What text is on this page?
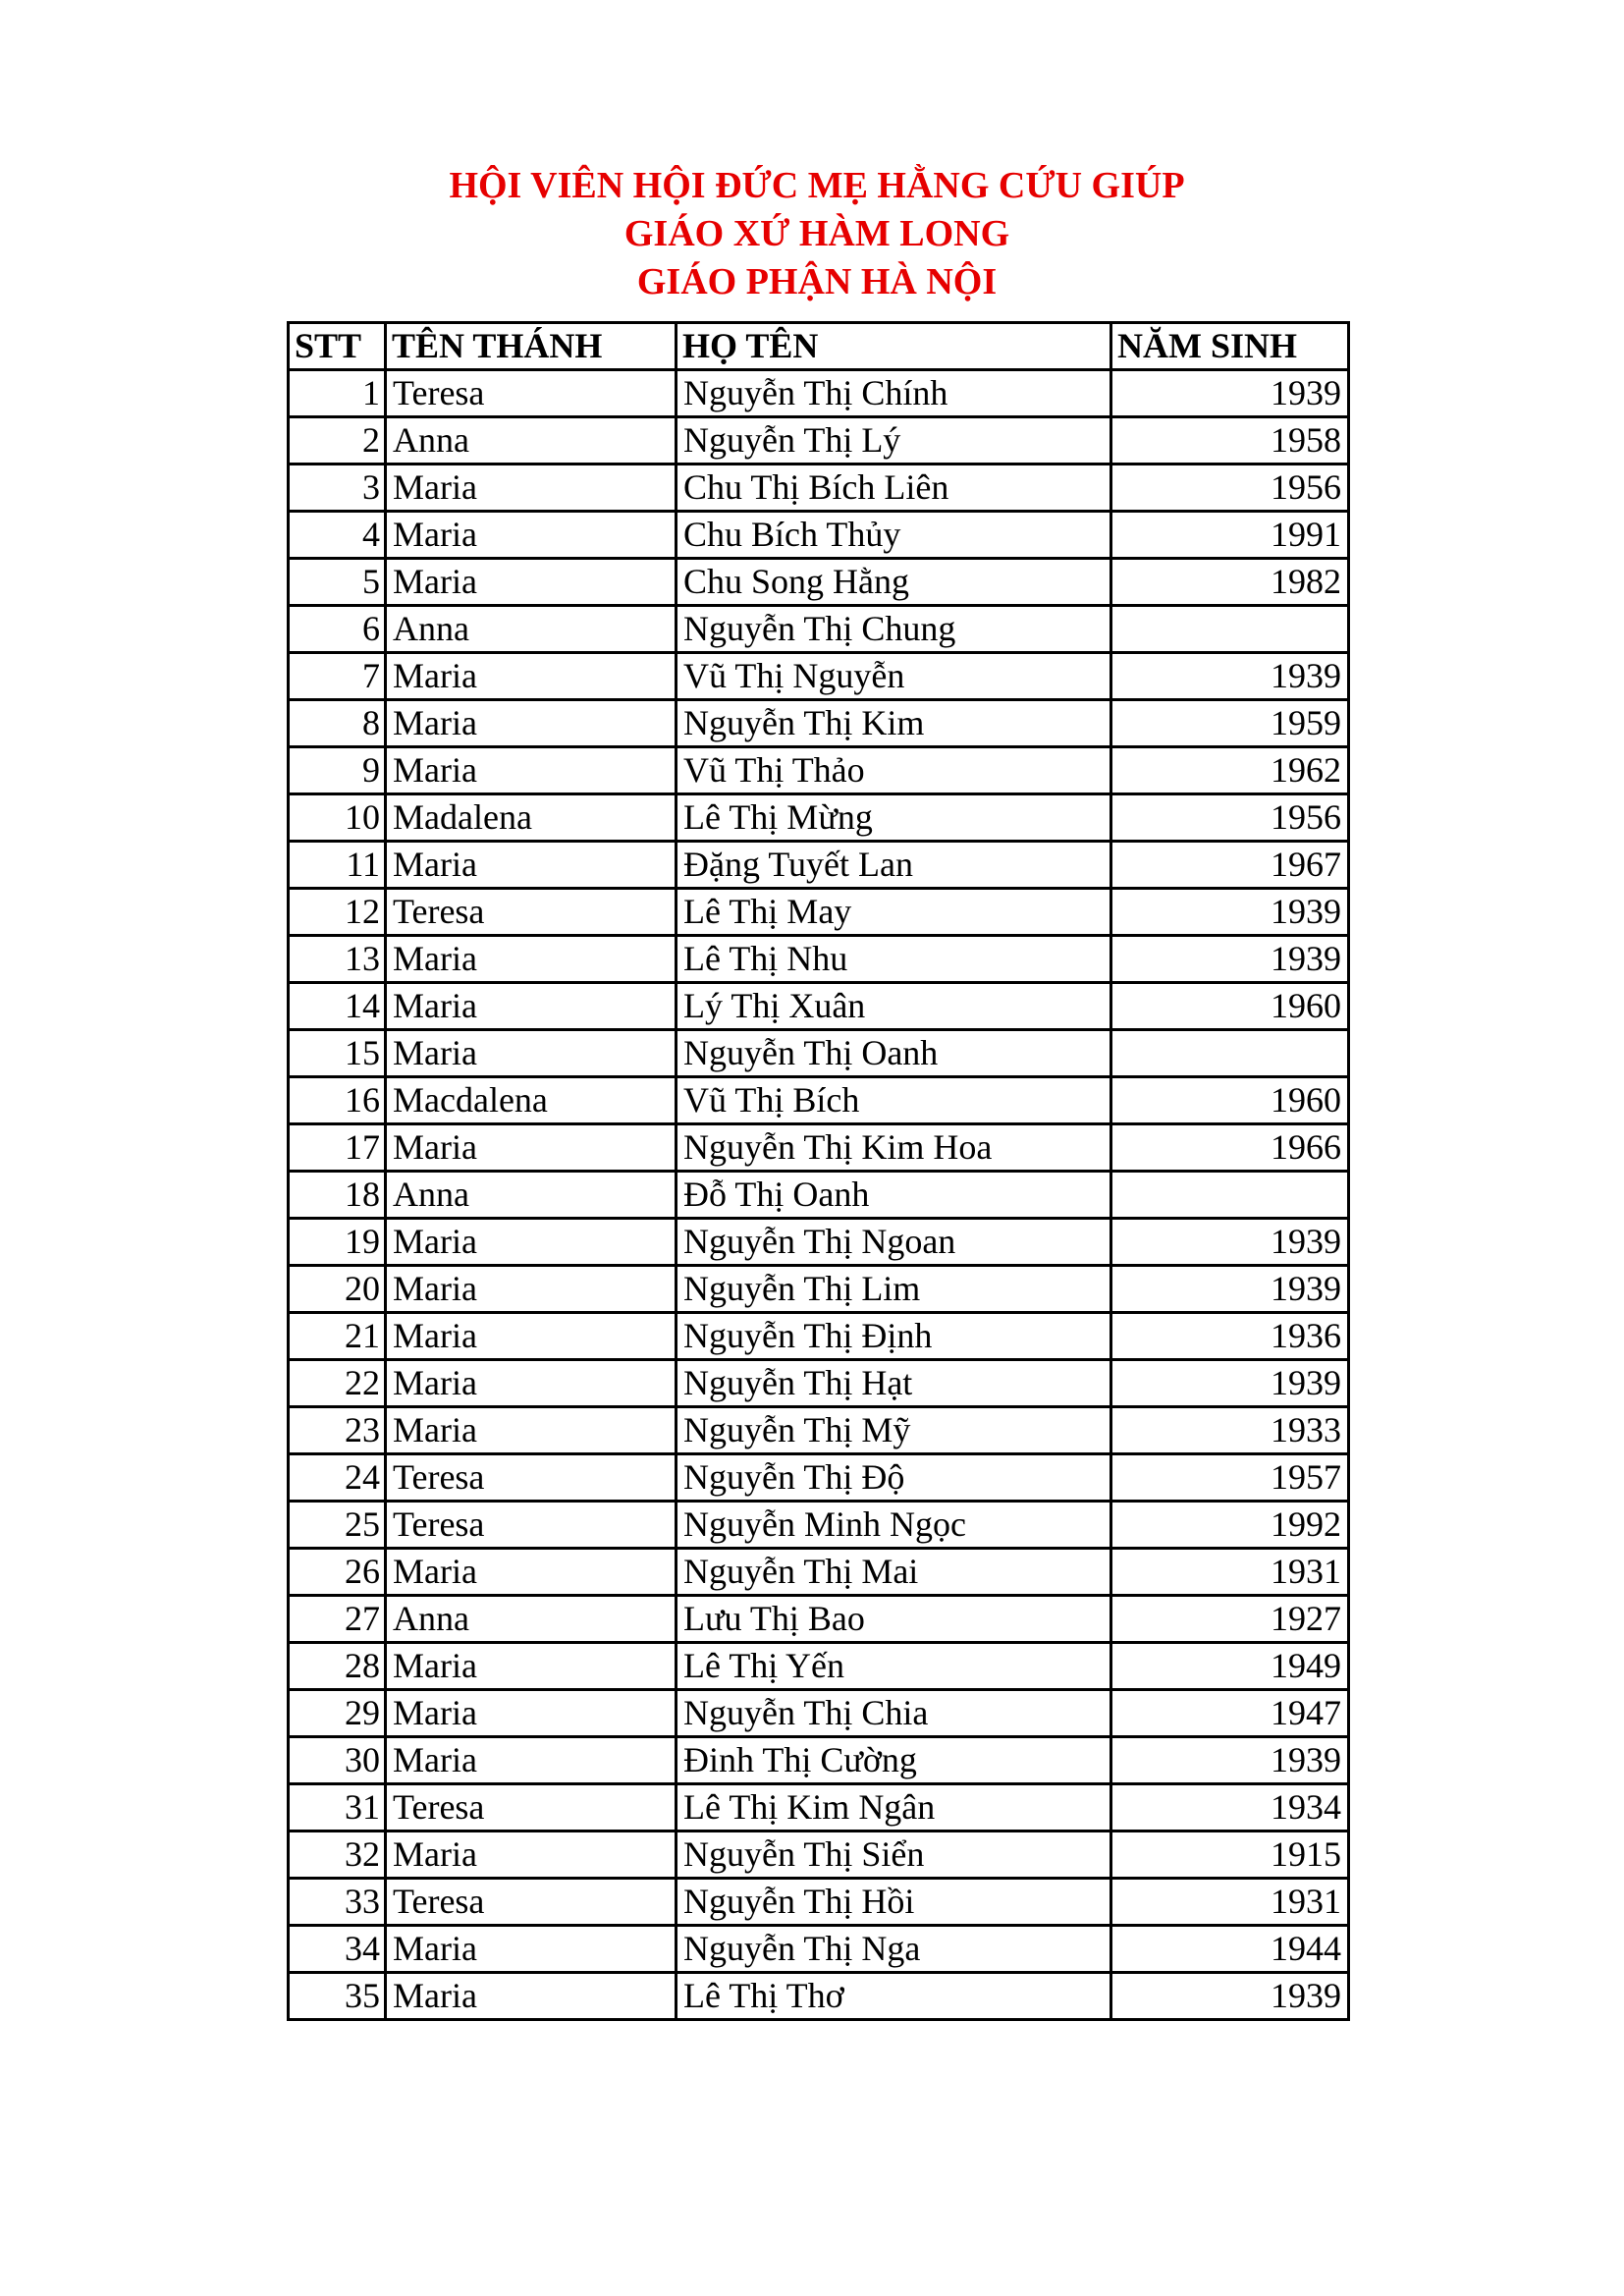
HỘI VIÊN HỘI ĐỨC MẸ HẰNG CỨU GIÚP

GIÁO XỨ HÀM LONG

GIÁO PHẬN HÀ NỘI

STT	TÊN THÁNH	HỌ TÊN	NĂM SINH
1	Teresa	Nguyễn Thị Chính	1939
2	Anna	Nguyễn Thị Lý	1958
3	Maria	Chu Thị Bích Liên	1956
4	Maria	Chu Bích Thủy	1991
5	Maria	Chu Song Hằng	1982
6	Anna	Nguyễn Thị Chung	
7	Maria	Vũ Thị Nguyễn	1939
8	Maria	Nguyễn Thị Kim	1959
9	Maria	Vũ Thị Thảo	1962
10	Madalena	Lê Thị Mừng	1956
11	Maria	Đặng Tuyết Lan	1967
12	Teresa	Lê Thị May	1939
13	Maria	Lê Thị Nhu	1939
14	Maria	Lý Thị Xuân	1960
15	Maria	Nguyễn Thị Oanh	
16	Macdalena	Vũ Thị Bích	1960
17	Maria	Nguyễn Thị Kim Hoa	1966
18	Anna	Đỗ Thị Oanh	
19	Maria	Nguyễn Thị Ngoan	1939
20	Maria	Nguyễn Thị Lim	1939
21	Maria	Nguyễn Thị Định	1936
22	Maria	Nguyễn Thị Hạt	1939
23	Maria	Nguyễn Thị Mỹ	1933
24	Teresa	Nguyễn Thị Độ	1957
25	Teresa	Nguyễn Minh Ngọc	1992
26	Maria	Nguyễn Thị Mai	1931
27	Anna	Lưu Thị Bao	1927
28	Maria	Lê Thị Yến	1949
29	Maria	Nguyễn Thị Chia	1947
30	Maria	Đinh Thị Cường	1939
31	Teresa	Lê Thị Kim Ngân	1934
32	Maria	Nguyễn Thị Siển	1915
33	Teresa	Nguyễn Thị Hồi	1931
34	Maria	Nguyễn Thị Nga	1944
35	Maria	Lê Thị Thơ	1939
